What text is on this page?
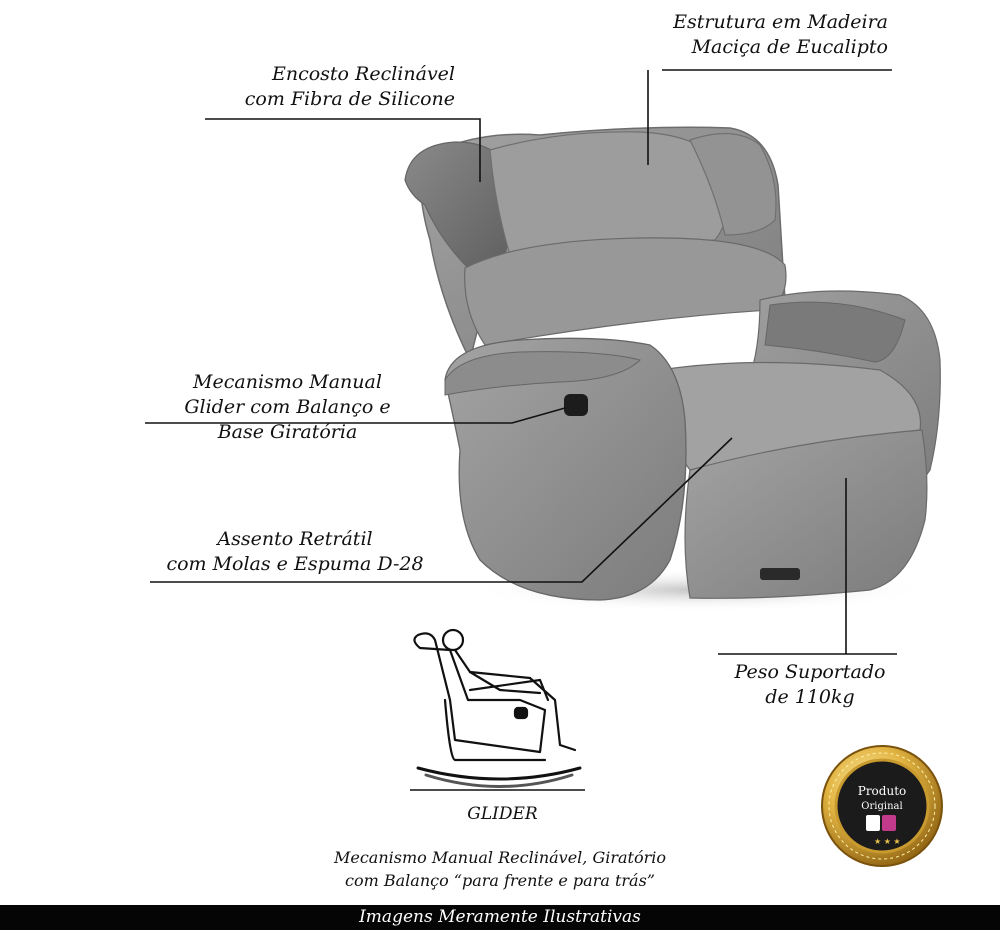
★ ★ ★
Produto
Original
Encosto Reclinável
com Fibra de Silicone
Estrutura em Madeira
Maciça de Eucalipto
Mecanismo Manual
Glider com Balanço e
Base Giratória
Assento Retrátil
com Molas e Espuma D-28
Peso Suportado
de 110kg
GLIDER
Mecanismo Manual Reclinável, Giratório
com Balanço “para frente e para trás”
Imagens Meramente Ilustrativas
